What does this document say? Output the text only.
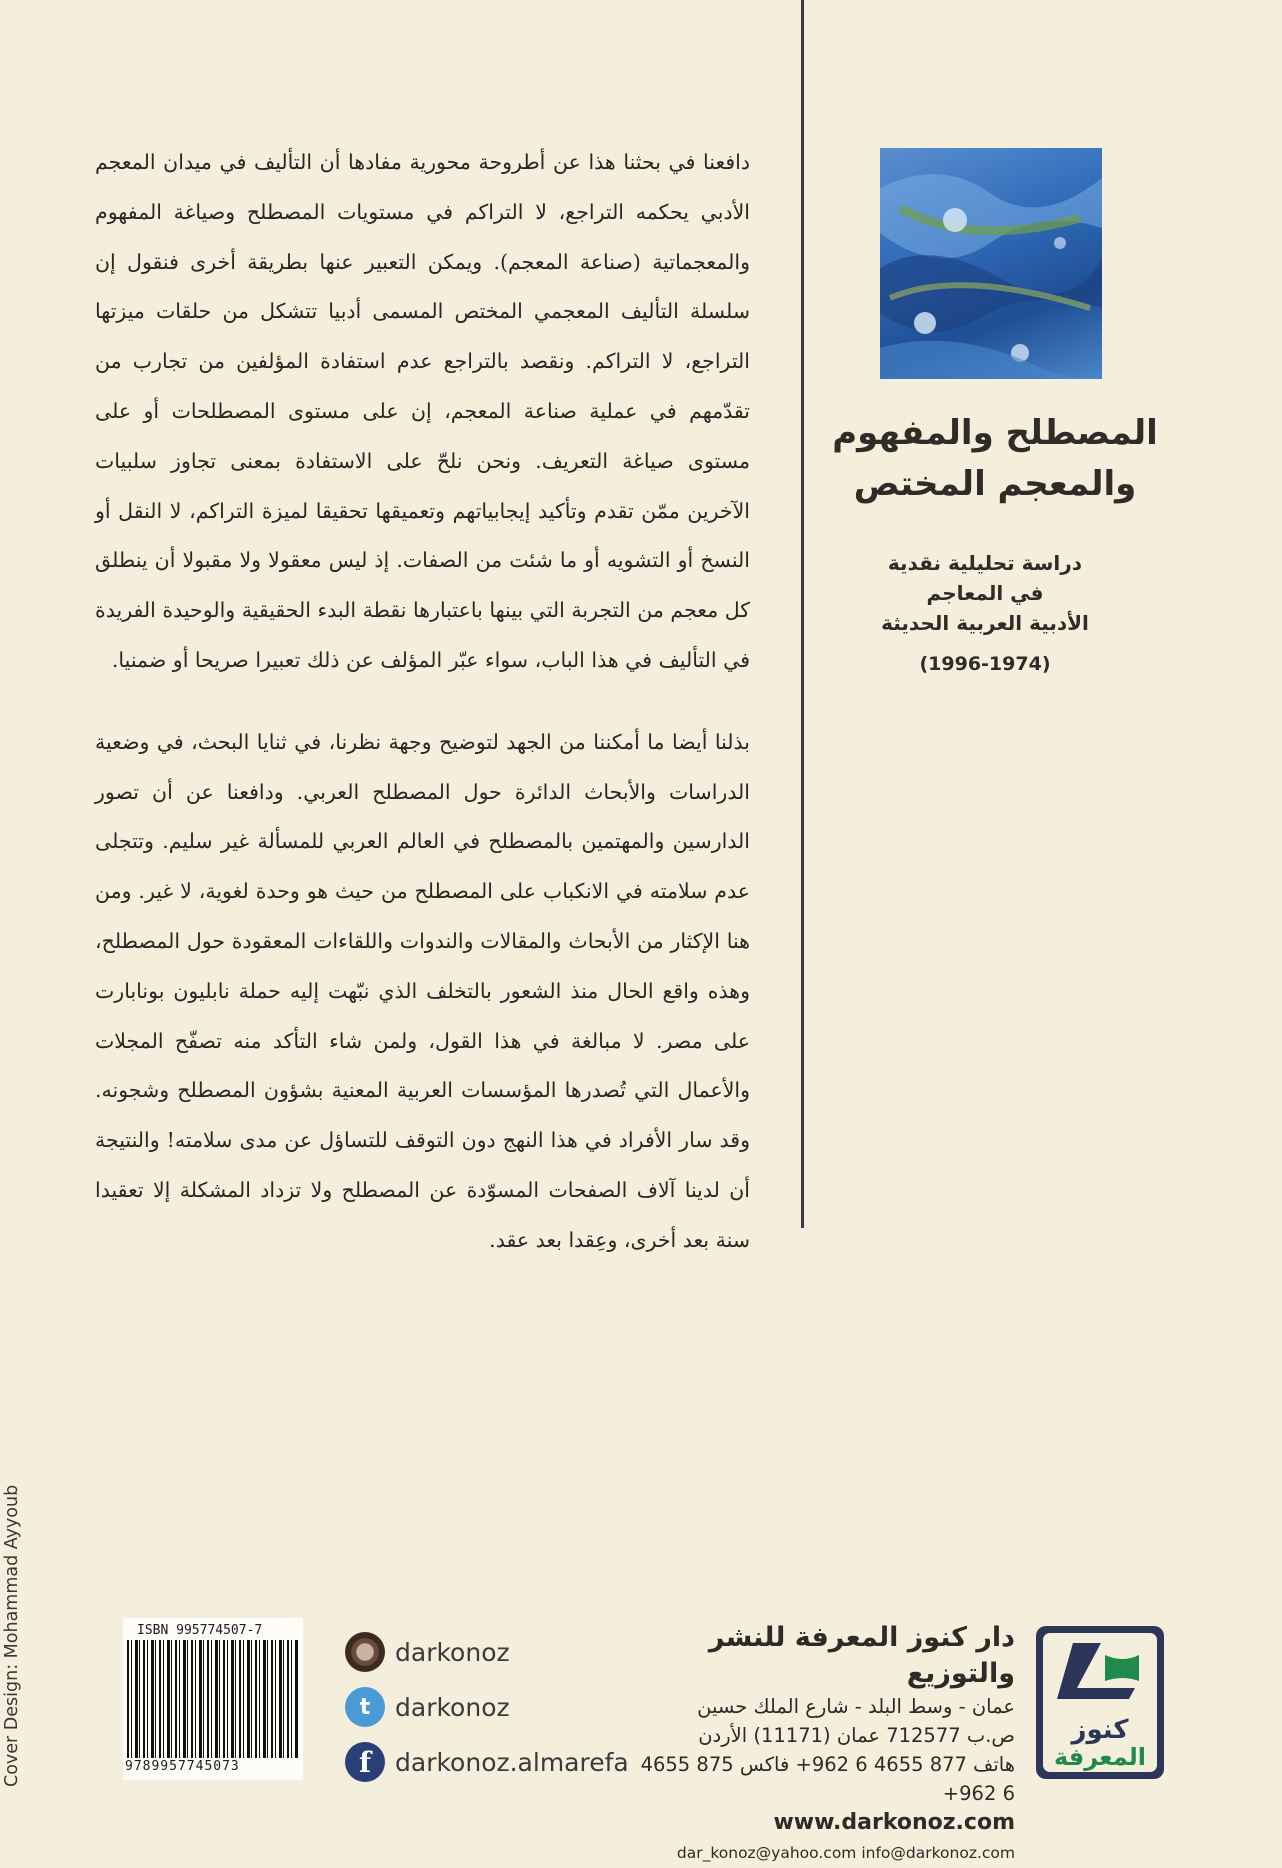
دافعنا في بحثنا هذا عن أطروحة محورية مفادها أن التأليف في ميدان المعجم الأدبي يحكمه التراجع، لا التراكم في مستويات المصطلح وصياغة المفهوم والمعجماتية (صناعة المعجم). ويمكن التعبير عنها بطريقة أخرى فنقول إن سلسلة التأليف المعجمي المختص المسمى أدبيا تتشكل من حلقات ميزتها التراجع، لا التراكم. ونقصد بالتراجع عدم استفادة المؤلفين من تجارب من تقدّمهم في عملية صناعة المعجم، إن على مستوى المصطلحات أو على مستوى صياغة التعريف. ونحن نلحّ على الاستفادة بمعنى تجاوز سلبيات الآخرين ممّن تقدم وتأكيد إيجابياتهم وتعميقها تحقيقا لميزة التراكم، لا النقل أو النسخ أو التشويه أو ما شئت من الصفات. إذ ليس معقولا ولا مقبولا أن ينطلق كل معجم من التجربة التي بينها باعتبارها نقطة البدء الحقيقية والوحيدة الفريدة في التأليف في هذا الباب، سواء عبّر المؤلف عن ذلك تعبيرا صريحا أو ضمنيا.

بذلنا أيضا ما أمكننا من الجهد لتوضيح وجهة نظرنا، في ثنايا البحث، في وضعية الدراسات والأبحاث الدائرة حول المصطلح العربي. ودافعنا عن أن تصور الدارسين والمهتمين بالمصطلح في العالم العربي للمسألة غير سليم. وتتجلى عدم سلامته في الانكباب على المصطلح من حيث هو وحدة لغوية، لا غير. ومن هنا الإكثار من الأبحاث والمقالات والندوات واللقاءات المعقودة حول المصطلح، وهذه واقع الحال منذ الشعور بالتخلف الذي نبّهت إليه حملة نابليون بونابارت على مصر. لا مبالغة في هذا القول، ولمن شاء التأكد منه تصفّح المجلات والأعمال التي تُصدرها المؤسسات العربية المعنية بشؤون المصطلح وشجونه. وقد سار الأفراد في هذا النهج دون التوقف للتساؤل عن مدى سلامته! والنتيجة أن لدينا آلاف الصفحات المسوّدة عن المصطلح ولا تزداد المشكلة إلا تعقيدا سنة بعد أخرى، وعِقدا بعد عقد.

المصطلح والمفهوم
والمعجم المختص
دراسة تحليلية نقدية
في المعاجم
الأدبية العربية الحديثة
(1996-1974)
Cover Design: Mohammad Ayyoub	ISBN 995774507-7
9789957745073
darkonoz
t darkonoz
f darkonoz.almarefa
دار كنوز المعرفة للنشر والتوزيع
عمان - وسط البلد - شارع الملك حسين
ص.ب 712577 عمان (11171) الأردن
هاتف 877 4655 6 962+ فاكس 875 4655 6 962+
www.darkonoz.com
dar_konoz@yahoo.com info@darkonoz.com
كنوز
المعرفة
